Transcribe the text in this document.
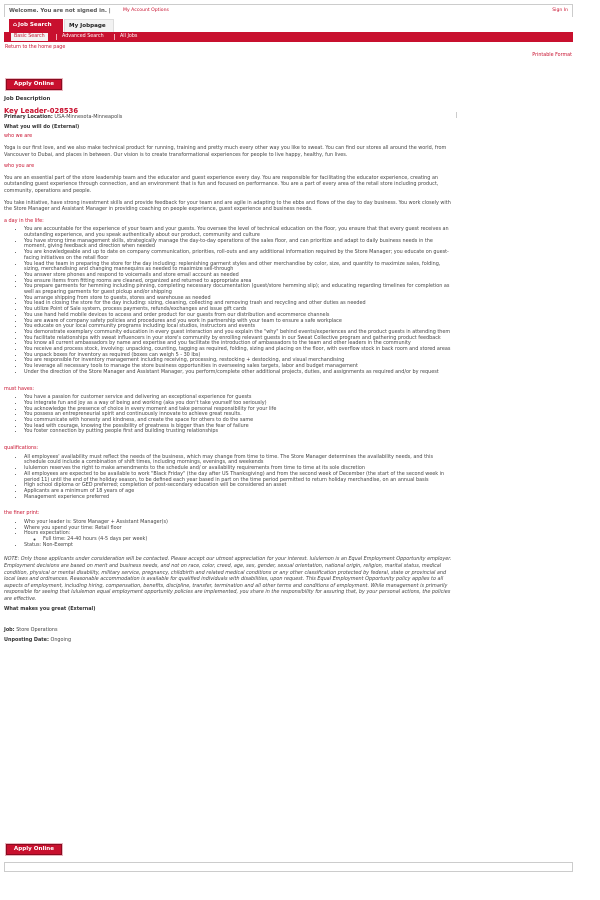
Welcome. You are not signed in. |	My Account Options	Sign In
⌂Job Search	My Jobpage
Basic Search	Advanced Search	All Jobs
Return to the home page
Printable Format
Apply Online

Job Description

Key Leader-028536

Primary Location: USA-Minnesota-Minneapolis

What you will do (External)

who we are

Yoga is our first love, and we also make technical product for running, training and pretty much every other way you like to sweat. You can find our stores all around the world, from Vancouver to Dubai, and places in between. Our vision is to create transformational experiences for people to live happy, healthy, fun lives.

who you are

You are an essential part of the store leadership team and the educator and guest experience every day. You are responsible for facilitating the educator experience, creating an outstanding guest experience through connection, and an environment that is fun and focused on performance. You are a part of every area of the retail store including product, community, operations and people.

You take initiative, have strong investment skills and provide feedback for your team and are agile in adapting to the ebbs and flows of the day to day business. You work closely with the Store Manager and Assistant Manager in providing coaching on people experience, guest experience and business needs.

a day in the life:

• You are accountable for the experience of your team and your guests. You oversee the level of technical education on the floor, you ensure that that every guest receives an outstanding experience, and you speak authentically about our product, community and culture
• You have strong time management skills, strategically manage the day-to-day operations of the sales floor, and can prioritize and adapt to daily business needs in the moment, giving feedback and direction when needed
• You are knowledgeable and up to date on company communication, priorities, roll-outs and any additional information required by the Store Manager; you educate on guest-facing initiatives on the retail floor
• You lead the team in preparing the store for the day including: replenishing garment styles and other merchandise by color, size, and quantity to maximize sales, folding, sizing, merchandising and changing mannequins as needed to maximize sell-through
• You answer store phones and respond to voicemails and store email account as needed
• You ensure items from fitting rooms are cleaned, organized and returned to appropriate area
• You prepare garments for hemming including pinning, completing necessary documentation (guest/store hemming slip); and educating regarding timelines for completion as well as preparing garments for guest pickup and/or shipping
• You arrange shipping from store to guests, stores and warehouse as needed
• You lead in closing the store for the day including: sizing, cleaning, collecting and removing trash and recycling and other duties as needed
• You utilize Point of Sale system, process payments, refunds/exchanges and issue gift cards
• You use hand held mobile devices to access and order product for our guests from our distribution and ecommerce channels
• You are aware of company safety policies and procedures and you work in partnership with your team to ensure a safe workplace
• You educate on your local community programs including local studios, instructors and events
• You demonstrate exemplary community education in every guest interaction and you explain the "why" behind events/experiences and the product guests in attending them
• You facilitate relationships with sweat influencers in your store's community by enrolling relevant guests in our Sweat Collective program and gathering product feedback
• You know all current ambassadors by name and expertise and you facilitate the introduction of ambassadors to the team and other leaders in the community
• You receive and process stock, involving: unpacking, counting, tagging as required, folding, sizing and placing on the floor, with overflow stock in back room and stored areas
• You unpack boxes for inventory as required (boxes can weigh 5 - 30 lbs)
• You are responsible for inventory management including receiving, processing, restocking + destocking, and visual merchandising
• You leverage all necessary tools to manage the store business opportunities in overseeing sales targets, labor and budget management
• Under the direction of the Store Manager and Assistant Manager, you perform/complete other additional projects, duties, and assignments as required and/or by request

must haves:

• You have a passion for customer service and delivering an exceptional experience for guests
• You integrate fun and joy as a way of being and working (aka you don't take yourself too seriously)
• You acknowledge the presence of choice in every moment and take personal responsibility for your life
• You possess an entrepreneurial spirit and continuously innovate to achieve great results.
• You communicate with honesty and kindness, and create the space for others to do the same
• You lead with courage, knowing the possibility of greatness is bigger than the fear of failure
• You foster connection by putting people first and building trusting relationships

qualifications:

• All employees' availability must reflect the needs of the business, which may change from time to time. The Store Manager determines the availability needs, and this schedule could include a combination of shift times, including mornings, evenings, and weekends
• lululemon reserves the right to make amendments to the schedule and/ or availability requirements from time to time at its sole discretion
• All employees are expected to be available to work "Black Friday" (the day after US Thanksgiving) and from the second week of December (the start of the second week in period 11) until the end of the holiday season, to be defined each year based in part on the time period permitted to return holiday merchandise, on an annual basis
• High school diploma or GED preferred; completion of post-secondary education will be considered an asset
• Applicants are a minimum of 18 years of age
• Management experience preferred

the finer print:

• Who your leader is: Store Manager + Assistant Manager(s)
• Where you spend your time: Retail floor
• Hours expectation:
◦ Full time: 24-40 hours (4-5 days per week)
• Status: Non-Exempt

NOTE: Only those applicants under consideration will be contacted. Please accept our utmost appreciation for your interest. lululemon is an Equal Employment Opportunity employer. Employment decisions are based on merit and business needs, and not on race, color, creed, age, sex, gender, sexual orientation, national origin, religion, marital status, medical condition, physical or mental disability, military service, pregnancy, childbirth and related medical conditions or any other classification protected by federal, state or provincial and local laws and ordinances. Reasonable accommodation is available for qualified individuals with disabilities, upon request. This Equal Employment Opportunity policy applies to all aspects of employment, including hiring, compensation, benefits, discipline, transfer, termination and all other terms and conditions of employment. While management is primarily responsible for seeing that lululemon equal employment opportunity policies are implemented, you share in the responsibility for assuring that, by your personal actions, the policies are effective.

What makes you great (External)

Job: Store Operations

Unposting Date: Ongoing

Apply Online
